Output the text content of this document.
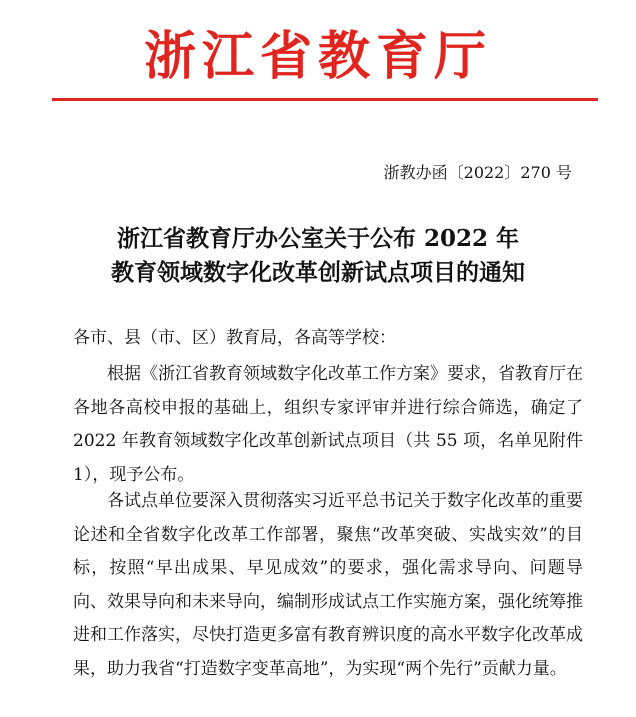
浙江省教育厅
浙教办函〔2022〕270 号
浙江省教育厅办公室关于公布 2022 年
教育领域数字化改革创新试点项目的通知
各市、县（市、区）教育局，各高等学校：
根据《浙江省教育领域数字化改革工作方案》要求，省教育厅在各地各高校申报的基础上，组织专家评审并进行综合筛选，确定了 2022 年教育领域数字化改革创新试点项目（共 55 项，名单见附件 1），现予公布。
各试点单位要深入贯彻落实习近平总书记关于数字化改革的重要论述和全省数字化改革工作部署，聚焦“改革突破、实战实效”的目标，按照“早出成果、早见成效”的要求，强化需求导向、问题导向、效果导向和未来导向，编制形成试点工作实施方案，强化统筹推进和工作落实，尽快打造更多富有教育辨识度的高水平数字化改革成果，助力我省“打造数字变革高地”，为实现“两个先行”贡献力量。
